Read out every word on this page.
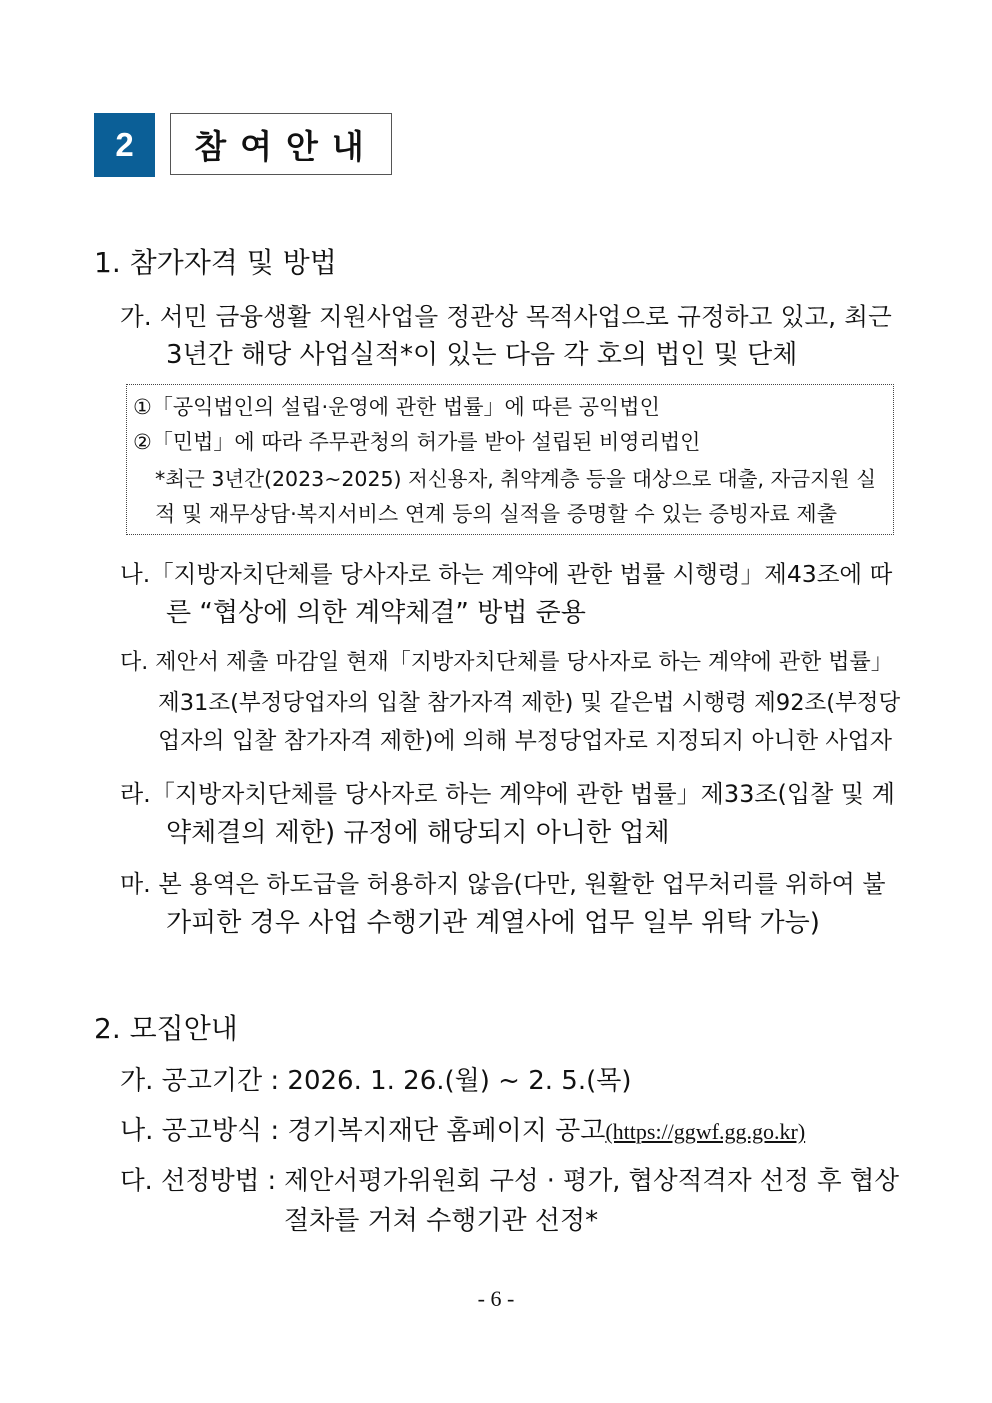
2	참여안내
1. 참가자격 및 방법
가. 서민 금융생활 지원사업을 정관상 목적사업으로 규정하고 있고, 최근
3년간 해당 사업실적*이 있는 다음 각 호의 법인 및 단체
①「공익법인의 설립·운영에 관한 법률」에 따른 공익법인
②「민법」에 따라 주무관청의 허가를 받아 설립된 비영리법인
*최근 3년간(2023~2025) 저신용자, 취약계층 등을 대상으로 대출, 자금지원 실
적 및 재무상담·복지서비스 연계 등의 실적을 증명할 수 있는 증빙자료 제출
나.「지방자치단체를 당사자로 하는 계약에 관한 법률 시행령」제43조에 따
른 “협상에 의한 계약체결” 방법 준용
다. 제안서 제출 마감일 현재「지방자치단체를 당사자로 하는 계약에 관한 법률」
제31조(부정당업자의 입찰 참가자격 제한) 및 같은법 시행령 제92조(부정당
업자의 입찰 참가자격 제한)에 의해 부정당업자로 지정되지 아니한 사업자
라.「지방자치단체를 당사자로 하는 계약에 관한 법률」제33조(입찰 및 계
약체결의 제한) 규정에 해당되지 아니한 업체
마. 본 용역은 하도급을 허용하지 않음(다만, 원활한 업무처리를 위하여 불
가피한 경우 사업 수행기관 계열사에 업무 일부 위탁 가능)
2. 모집안내
가. 공고기간 : 2026. 1. 26.(월) ~ 2. 5.(목)
나. 공고방식 : 경기복지재단 홈페이지 공고(https://ggwf.gg.go.kr)
다. 선정방법 : 제안서평가위원회 구성 · 평가, 협상적격자 선정 후 협상
절차를 거쳐 수행기관 선정*
- 6 -
